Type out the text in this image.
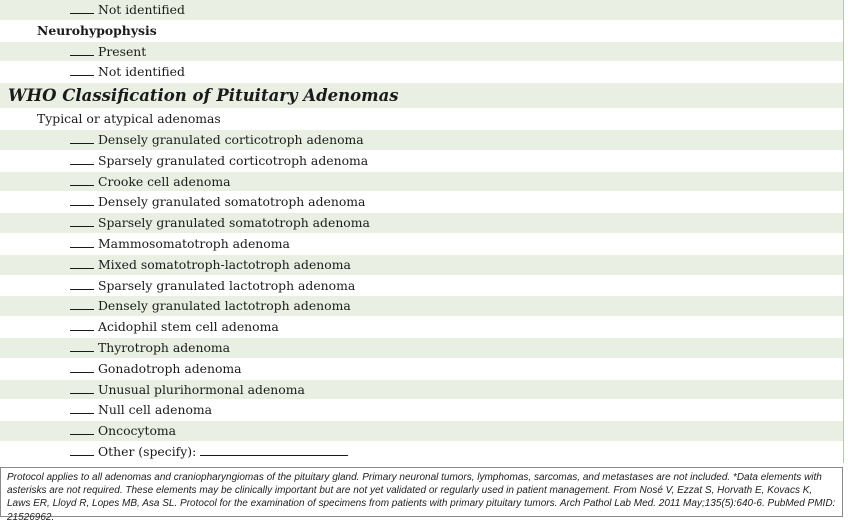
Not identified
Neurohypophysis
Present
Not identified
WHO Classification of Pituitary Adenomas
Typical or atypical adenomas
Densely granulated corticotroph adenoma
Sparsely granulated corticotroph adenoma
Crooke cell adenoma
Densely granulated somatotroph adenoma
Sparsely granulated somatotroph adenoma
Mammosomatotroph adenoma
Mixed somatotroph-lactotroph adenoma
Sparsely granulated lactotroph adenoma
Densely granulated lactotroph adenoma
Acidophil stem cell adenoma
Thyrotroph adenoma
Gonadotroph adenoma
Unusual plurihormonal adenoma
Null cell adenoma
Oncocytoma
Other (specify):
Protocol applies to all adenomas and craniopharyngiomas of the pituitary gland. Primary neuronal tumors, lymphomas, sarcomas, and metastases are not included. *Data elements with asterisks are not required. These elements may be clinically important but are not yet validated or regularly used in patient management. From Nosé V, Ezzat S, Horvath E, Kovacs K, Laws ER, Lloyd R, Lopes MB, Asa SL. Protocol for the examination of specimens from patients with primary pituitary tumors. Arch Pathol Lab Med. 2011 May;135(5):640-6. PubMed PMID: 21526962.
